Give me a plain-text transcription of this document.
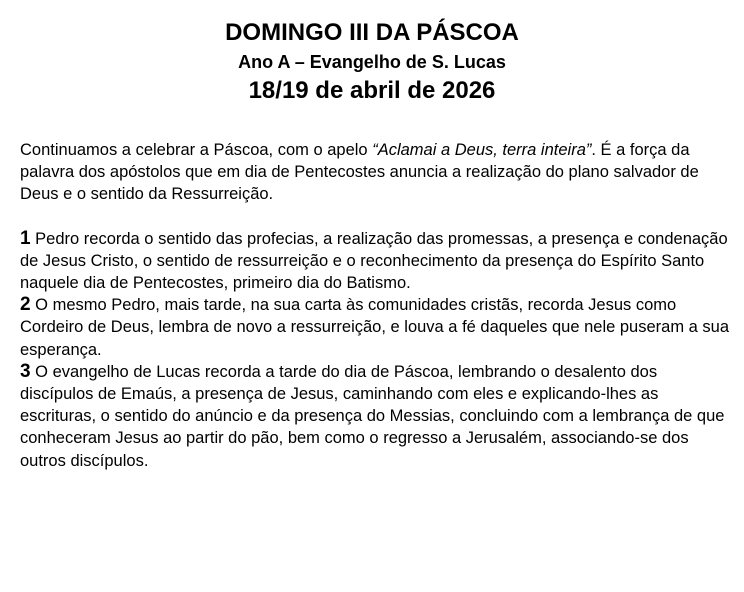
DOMINGO III DA PÁSCOA
Ano A – Evangelho de S. Lucas
18/19 de abril de 2026

Continuamos a celebrar a Páscoa, com o apelo “Aclamai a Deus, terra inteira”. É a força da palavra dos apóstolos que em dia de Pentecostes anuncia a realização do plano salvador de Deus e o sentido da Ressurreição.

1 Pedro recorda o sentido das profecias, a realização das promessas, a presença e condenação de Jesus Cristo, o sentido de ressurreição e o reconhecimento da presença do Espírito Santo naquele dia de Pentecostes, primeiro dia do Batismo.

2 O mesmo Pedro, mais tarde, na sua carta às comunidades cristãs, recorda Jesus como Cordeiro de Deus, lembra de novo a ressurreição, e louva a fé daqueles que nele puseram a sua esperança.

3 O evangelho de Lucas recorda a tarde do dia de Páscoa, lembrando o desalento dos discípulos de Emaús, a presença de Jesus, caminhando com eles e explicando-lhes as escrituras, o sentido do anúncio e da presença do Messias, concluindo com a lembrança de que conheceram Jesus ao partir do pão, bem como o regresso a Jerusalém, associando-se dos outros discípulos.
